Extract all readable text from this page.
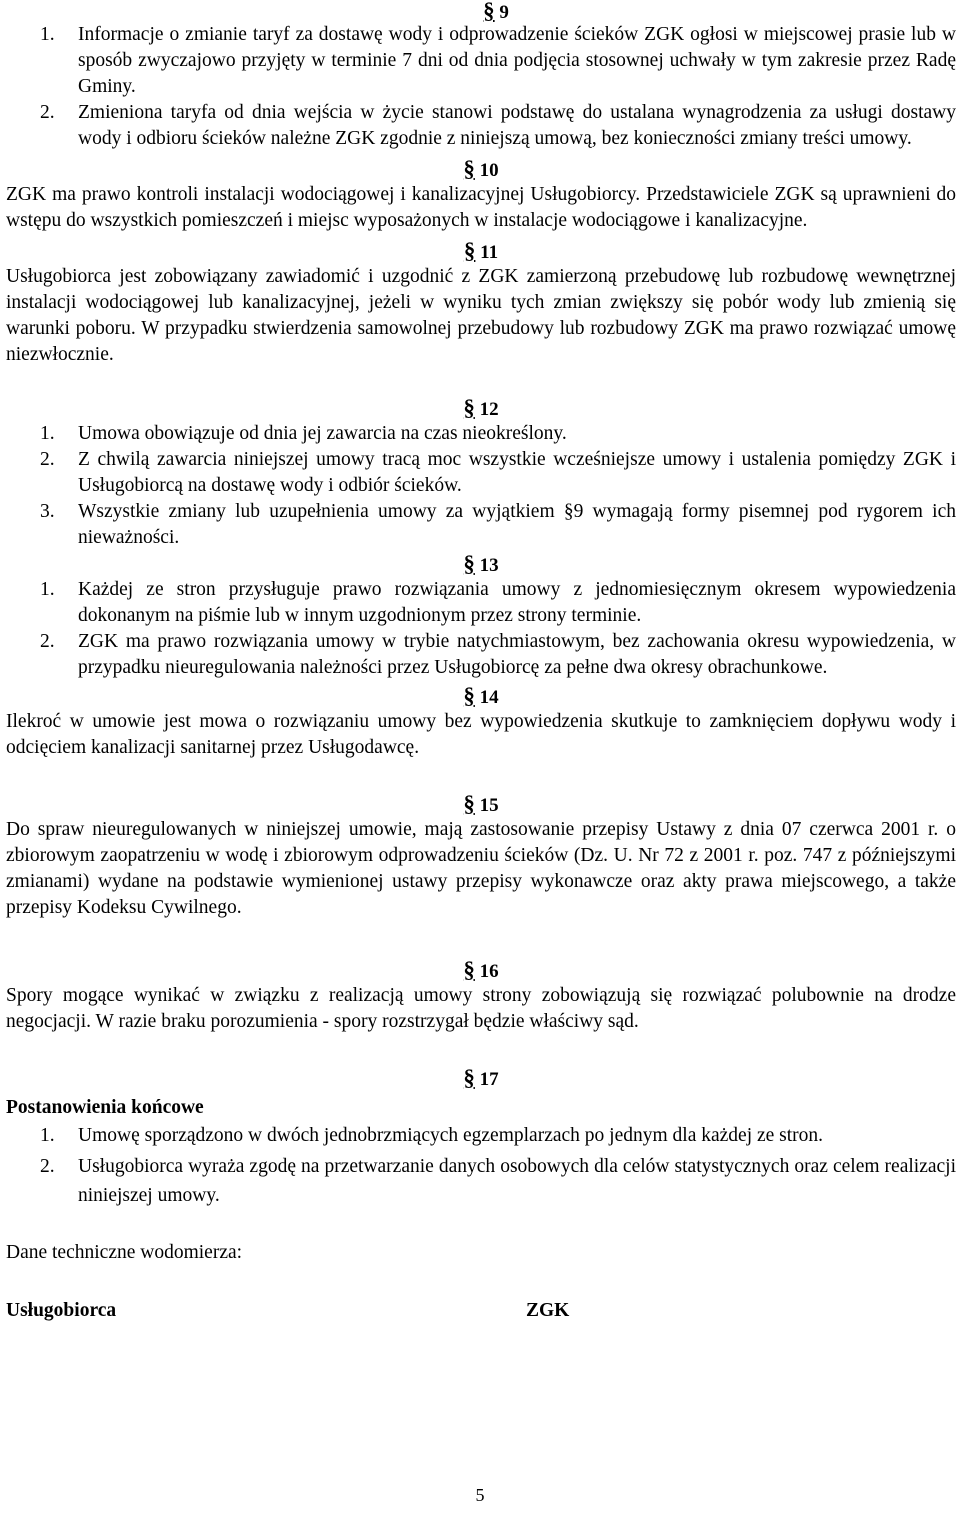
§ 9
1.	Informacje o zmianie taryf za dostawę wody i odprowadzenie ścieków ZGK ogłosi w miejscowej prasie lub w sposób zwyczajowo przyjęty w terminie 7 dni od dnia podjęcia stosownej uchwały w tym zakresie przez Radę Gminy.
2.	Zmieniona taryfa od dnia wejścia w życie stanowi podstawę do ustalana wynagrodzenia za usługi dostawy wody i odbioru ścieków należne ZGK zgodnie z niniejszą umową, bez konieczności zmiany treści umowy.
§ 10

ZGK ma prawo kontroli instalacji wodociągowej i kanalizacyjnej Usługobiorcy. Przedstawiciele ZGK są uprawnieni do wstępu do wszystkich pomieszczeń i miejsc wyposażonych w instalacje wodociągowe i kanalizacyjne.

§ 11

Usługobiorca jest zobowiązany zawiadomić i uzgodnić z ZGK zamierzoną przebudowę lub rozbudowę wewnętrznej instalacji wodociągowej lub kanalizacyjnej, jeżeli w wyniku tych zmian zwiększy się pobór wody lub zmienią się warunki poboru. W przypadku stwierdzenia samowolnej przebudowy lub rozbudowy ZGK ma prawo rozwiązać umowę niezwłocznie.

§ 12
1.	Umowa obowiązuje od dnia jej zawarcia na czas nieokreślony.
2.	Z chwilą zawarcia niniejszej umowy tracą moc wszystkie wcześniejsze umowy i ustalenia pomiędzy ZGK i Usługobiorcą na dostawę wody i odbiór ścieków.
3.	Wszystkie zmiany lub uzupełnienia umowy za wyjątkiem §9 wymagają formy pisemnej pod rygorem ich nieważności.
§ 13
1.	Każdej ze stron przysługuje prawo rozwiązania umowy z jednomiesięcznym okresem wypowiedzenia dokonanym na piśmie lub w innym uzgodnionym przez strony terminie.
2.	ZGK ma prawo rozwiązania umowy w trybie natychmiastowym, bez zachowania okresu wypowiedzenia, w przypadku nieuregulowania należności przez Usługobiorcę za pełne dwa okresy obrachunkowe.
§ 14

Ilekroć w umowie jest mowa o rozwiązaniu umowy bez wypowiedzenia skutkuje to zamknięciem dopływu wody i odcięciem kanalizacji sanitarnej przez Usługodawcę.

§ 15

Do spraw nieuregulowanych w niniejszej umowie, mają zastosowanie przepisy Ustawy z dnia 07 czerwca 2001 r. o zbiorowym zaopatrzeniu w wodę i zbiorowym odprowadzeniu ścieków (Dz. U. Nr 72 z 2001 r. poz. 747 z późniejszymi zmianami) wydane na podstawie wymienionej ustawy przepisy wykonawcze oraz akty prawa miejscowego, a także przepisy Kodeksu Cywilnego.

§ 16

Spory mogące wynikać w związku z realizacją umowy strony zobowiązują się rozwiązać polubownie na drodze negocjacji. W razie braku porozumienia - spory rozstrzygał będzie właściwy sąd.

§ 17

Postanowienia końcowe

1.	Umowę sporządzono w dwóch jednobrzmiących egzemplarzach po jednym dla każdej ze stron.
2.	Usługobiorca wyraża zgodę na przetwarzanie danych osobowych dla celów statystycznych oraz celem realizacji niniejszej umowy.

Dane techniczne wodomierza:

Usługobiorca	ZGK
5
